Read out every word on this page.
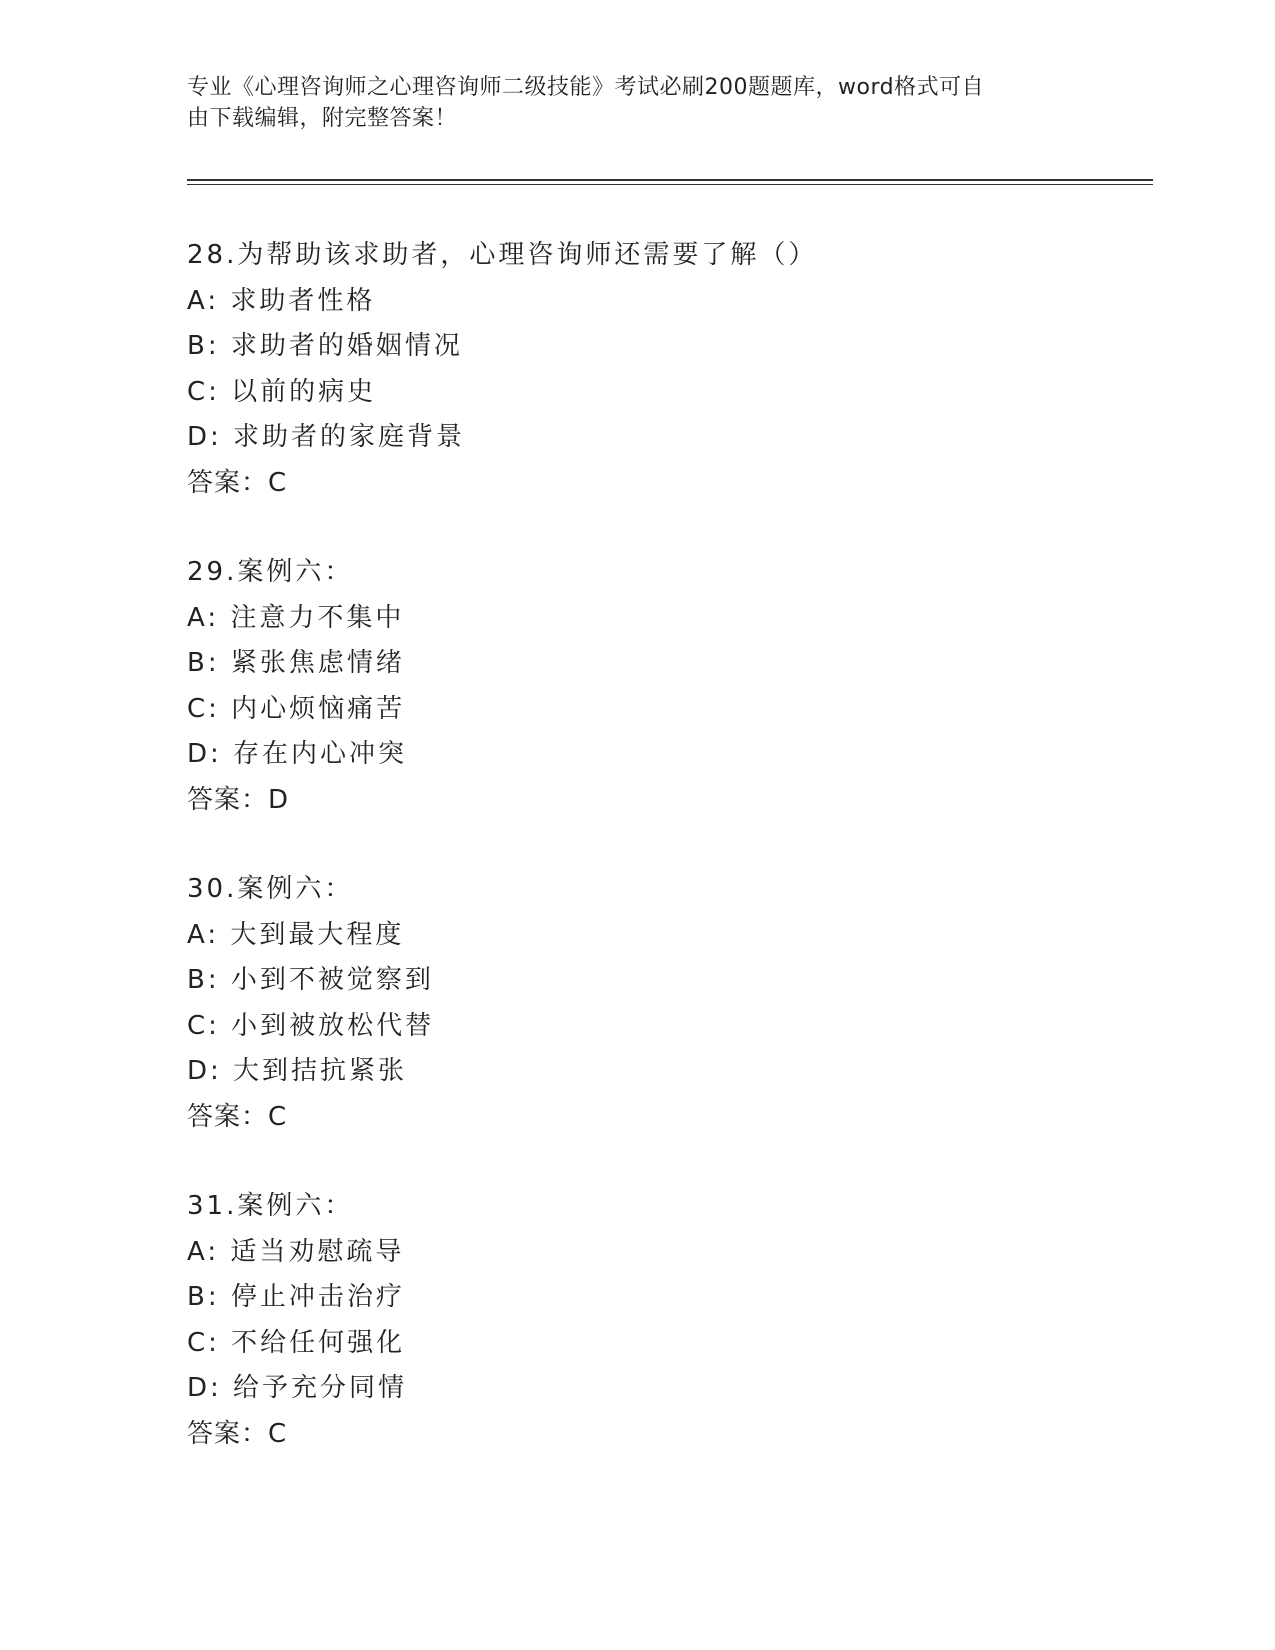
专业《心理咨询师之心理咨询师二级技能》考试必刷200题题库，word格式可自
由下载编辑，附完整答案！
28.为帮助该求助者，心理咨询师还需要了解（）
A: 求助者性格
B: 求助者的婚姻情况
C: 以前的病史
D: 求助者的家庭背景
答案：C
29.案例六：
A: 注意力不集中
B: 紧张焦虑情绪
C: 内心烦恼痛苦
D: 存在内心冲突
答案：D
30.案例六：
A: 大到最大程度
B: 小到不被觉察到
C: 小到被放松代替
D: 大到拮抗紧张
答案：C
31.案例六：
A: 适当劝慰疏导
B: 停止冲击治疗
C: 不给任何强化
D: 给予充分同情
答案：C
